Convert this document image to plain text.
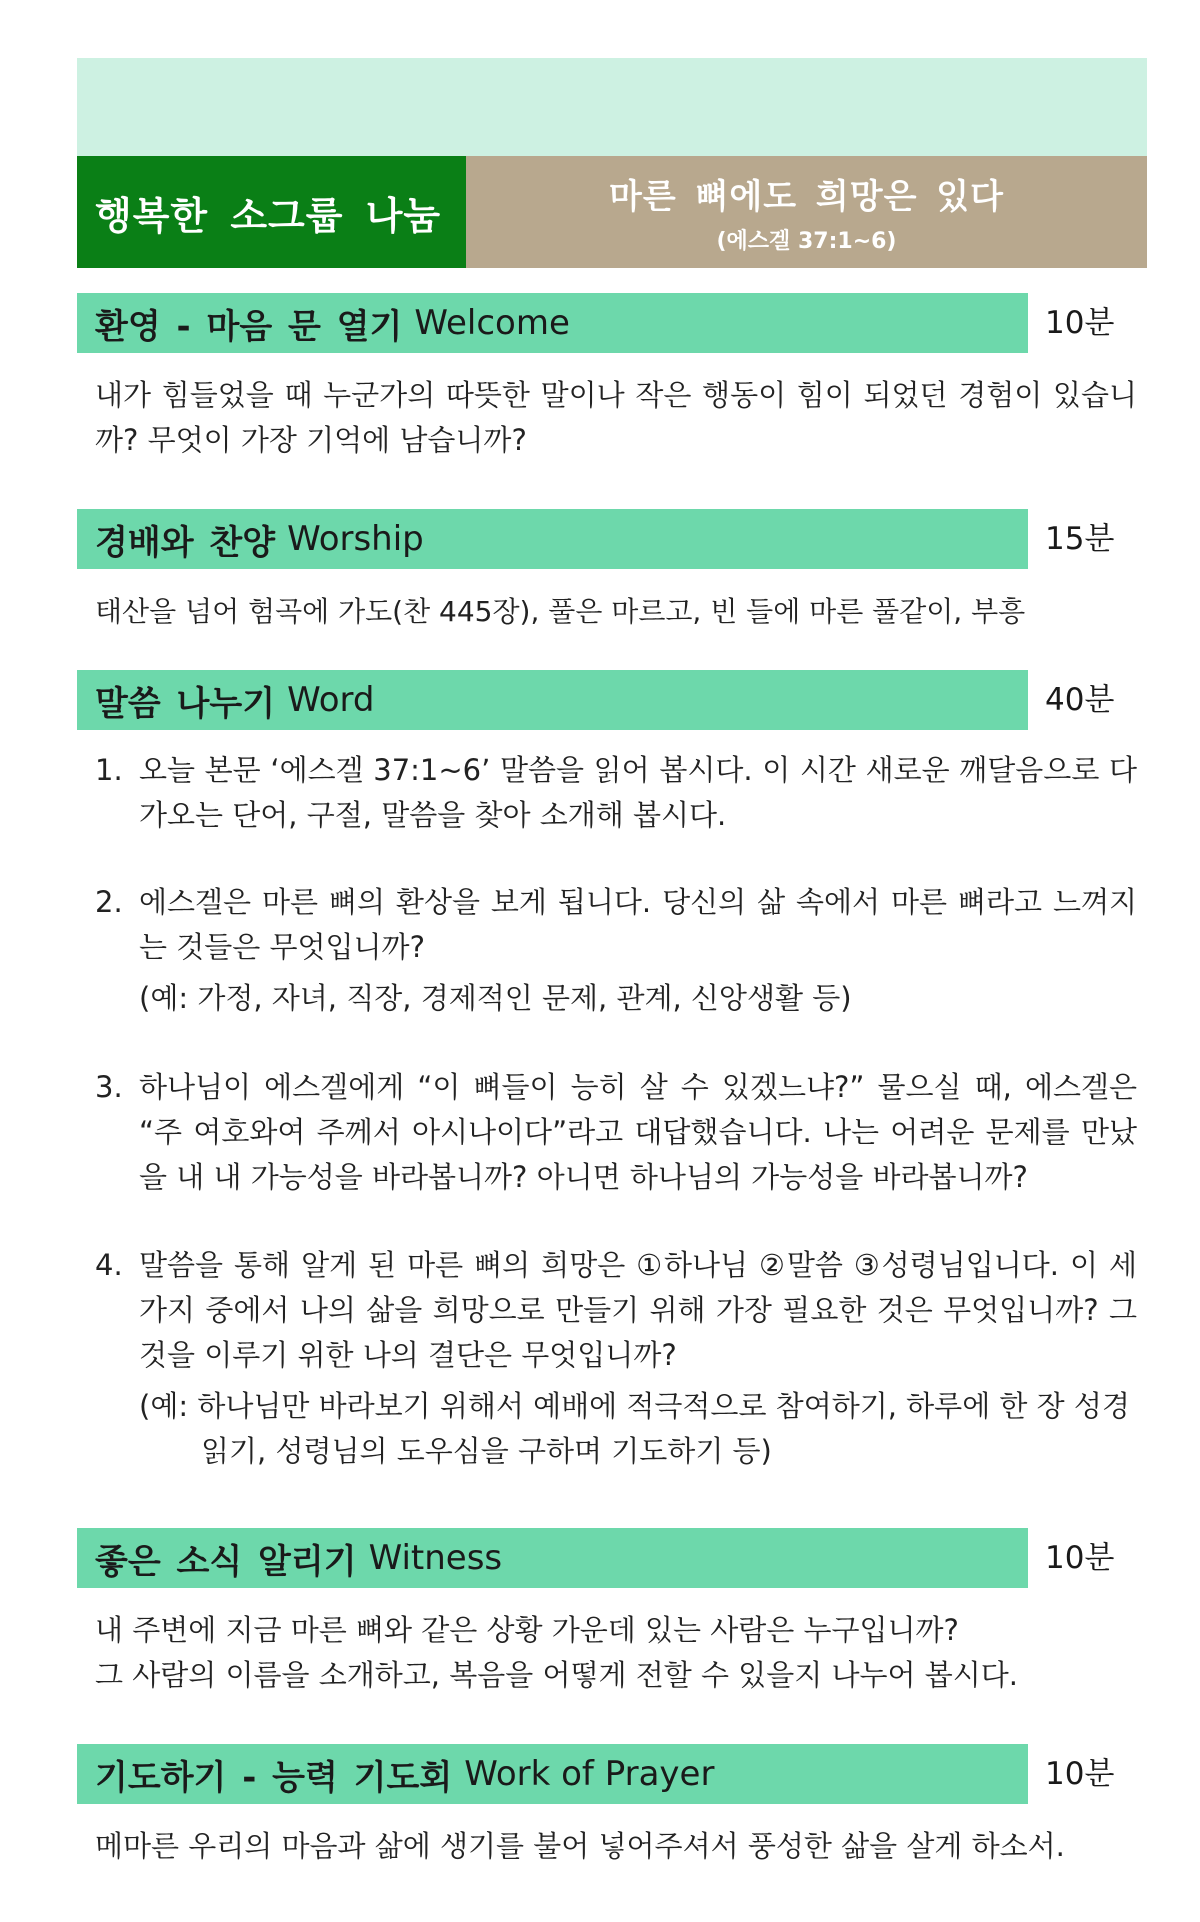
행복한 소그룹 나눔	마른 뼈에도 희망은 있다
(에스겔 37:1~6)
환영 - 마음 문 열기 Welcome	10분
내가 힘들었을 때 누군가의 따뜻한 말이나 작은 행동이 힘이 되었던 경험이 있습니까? 무엇이 가장 기억에 남습니까?
경배와 찬양 Worship	15분
태산을 넘어 험곡에 가도(찬 445장), 풀은 마르고, 빈 들에 마른 풀같이, 부흥
말씀 나누기 Word	40분
1. 오늘 본문 ‘에스겔 37:1~6’ 말씀을 읽어 봅시다. 이 시간 새로운 깨달음으로 다가오는 단어, 구절, 말씀을 찾아 소개해 봅시다.
2. 에스겔은 마른 뼈의 환상을 보게 됩니다. 당신의 삶 속에서 마른 뼈라고 느껴지는 것들은 무엇입니까?
(예: 가정, 자녀, 직장, 경제적인 문제, 관계, 신앙생활 등)
3. 하나님이 에스겔에게 “이 뼈들이 능히 살 수 있겠느냐?” 물으실 때, 에스겔은 “주 여호와여 주께서 아시나이다”라고 대답했습니다. 나는 어려운 문제를 만났을 내 내 가능성을 바라봅니까? 아니면 하나님의 가능성을 바라봅니까?
4. 말씀을 통해 알게 된 마른 뼈의 희망은 ①하나님 ②말씀 ③성령님입니다. 이 세가지 중에서 나의 삶을 희망으로 만들기 위해 가장 필요한 것은 무엇입니까? 그것을 이루기 위한 나의 결단은 무엇입니까?
(예: 하나님만 바라보기 위해서 예배에 적극적으로 참여하기, 하루에 한 장 성경읽기, 성령님의 도우심을 구하며 기도하기 등)
좋은 소식 알리기 Witness	10분
내 주변에 지금 마른 뼈와 같은 상황 가운데 있는 사람은 누구입니까?
그 사람의 이름을 소개하고, 복음을 어떻게 전할 수 있을지 나누어 봅시다.
기도하기 - 능력 기도회 Work of Prayer	10분
메마른 우리의 마음과 삶에 생기를 불어 넣어주셔서 풍성한 삶을 살게 하소서.
